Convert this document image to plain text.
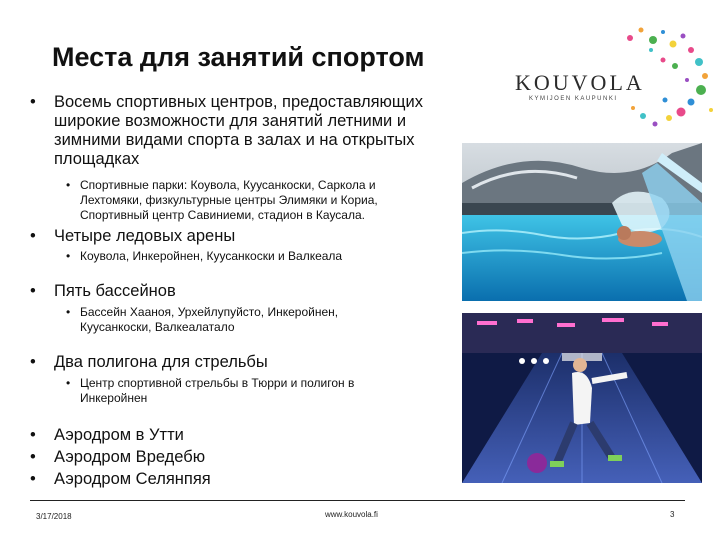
Места для занятий спортом
KOUVOLA
KYMIJOEN KAUPUNKI
• Восемь спортивных центров, предоставляющих
широкие возможности для занятий летними и
зимними видами спорта в залах и на открытых
площадках
• Спортивные парки: Коувола, Куусанкоски, Саркола и
Лехтомяки, физкультурные центры Элимяки и Кориа,
Спортивный центр Савиниеми, стадион в Каусала.
• Четыре ледовых арены
• Коувола, Инкеройнен, Куусанкоски и Валкеала
• Пять бассейнов
• Бассейн Хааноя, Урхейлупуйсто, Инкеройнен,
Куусанкоски, Валкеалатало
• Два полигона для стрельбы
• Центр спортивной стрельбы в Тюрри и полигон в
Инкеройнен
• Аэродром в Утти
• Аэродром Вредебю
• Аэродром Селянпяя
3/17/2018	www.kouvola.fi	3
